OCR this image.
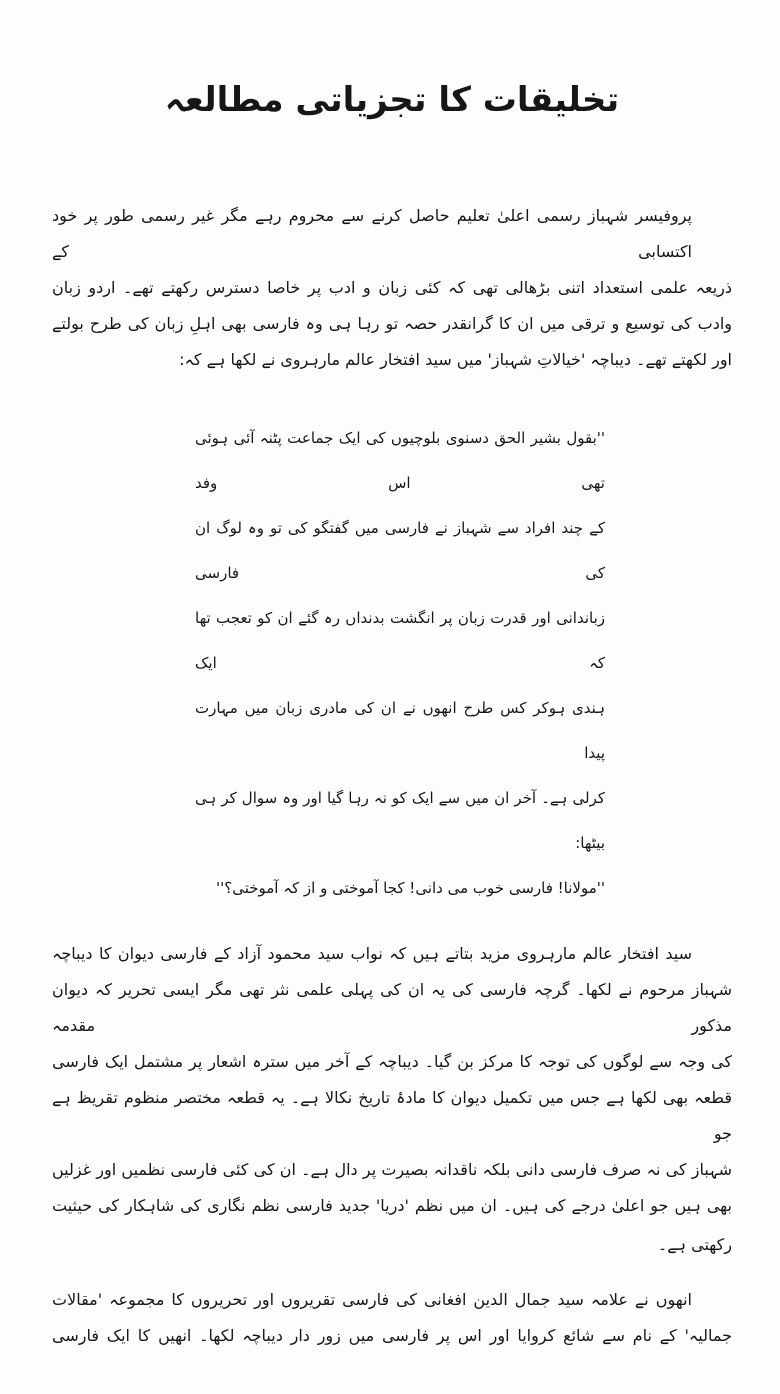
تخلیقات کا تجزیاتی مطالعہ
پروفیسر شہباز رسمی اعلیٰ تعلیم حاصل کرنے سے محروم رہے مگر غیر رسمی طور پر خود اکتسابی کے
ذریعہ علمی استعداد اتنی بڑھالی تھی کہ کئی زبان و ادب پر خاصا دسترس رکھتے تھے۔ اردو زبان
وادب کی توسیع و ترقی میں ان کا گرانقدر حصہ تو رہا ہی وہ فارسی بھی اہلِ زبان کی طرح بولتے
اور لکھتے تھے۔ دیباچہ 'خیالاتِ شہباز' میں سید افتخار عالم مارہروی نے لکھا ہے کہ:
''بقول بشیر الحق دسنوی بلوچیوں کی ایک جماعت پٹنہ آئی ہوئی تھی اس وفد
کے چند افراد سے شہباز نے فارسی میں گفتگو کی تو وہ لوگ ان کی فارسی
زباندانی اور قدرت زبان پر انگشت بدنداں رہ گئے ان کو تعجب تھا کہ ایک
ہندی ہوکر کس طرح انھوں نے ان کی مادری زبان میں مہارت پیدا
کرلی ہے۔ آخر ان میں سے ایک کو نہ رہا گیا اور وہ سوال کر ہی بیٹھا:
''مولانا! فارسی خوب می دانی! کجا آموختی و از کہ آموختی؟''
سید افتخار عالم مارہروی مزید بتاتے ہیں کہ نواب سید محمود آزاد کے فارسی دیوان کا دیباچہ
شہباز مرحوم نے لکھا۔ گرچہ فارسی کی یہ ان کی پہلی علمی نثر تھی مگر ایسی تحریر کہ دیوان مذکور مقدمہ
کی وجہ سے لوگوں کی توجہ کا مرکز بن گیا۔ دیباچہ کے آخر میں سترہ اشعار پر مشتمل ایک فارسی
قطعہ بھی لکھا ہے جس میں تکمیل دیوان کا مادۂ تاریخ نکالا ہے۔ یہ قطعہ مختصر منظوم تقریظ ہے جو
شہباز کی نہ صرف فارسی دانی بلکہ ناقدانہ بصیرت پر دال ہے۔ ان کی کئی فارسی نظمیں اور غزلیں
بھی ہیں جو اعلیٰ درجے کی ہیں۔ ان میں نظم 'دریا' جدید فارسی نظم نگاری کی شاہکار کی حیثیت
رکھتی ہے۔
انھوں نے علامہ سید جمال الدین افغانی کی فارسی تقریروں اور تحریروں کا مجموعہ 'مقالات
جمالیہ' کے نام سے شائع کروایا اور اس پر فارسی میں زور دار دیباچہ لکھا۔ انھیں کا ایک فارسی
